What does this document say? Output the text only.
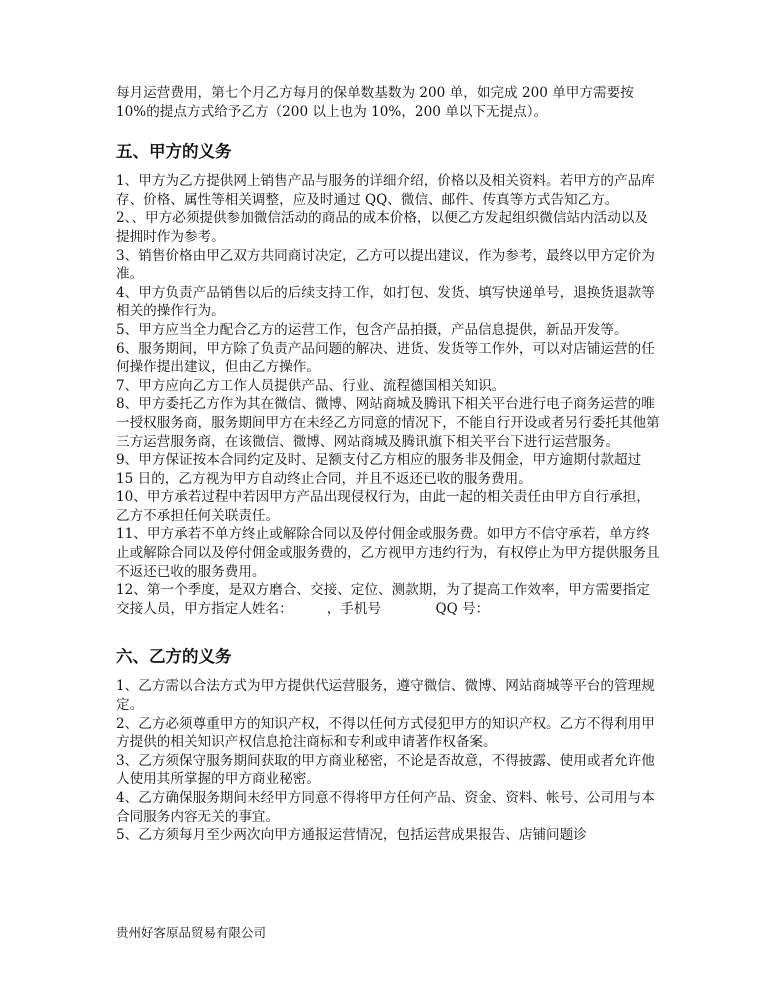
每月运营费用，第七个月乙方每月的保单数基数为 200 单，如完成 200 单甲方需要按 10%的提点方式给予乙方（200 以上也为 10%，200 单以下无提点）。

五、甲方的义务

1、甲方为乙方提供网上销售产品与服务的详细介绍，价格以及相关资料。若甲方的产品库存、价格、属性等相关调整，应及时通过 QQ、微信、邮件、传真等方式告知乙方。

2、、甲方必须提供参加微信活动的商品的成本价格，以便乙方发起组织微信站内活动以及提拥时作为参考。

3、销售价格由甲乙双方共同商讨决定，乙方可以提出建议，作为参考，最终以甲方定价为准。

4、甲方负责产品销售以后的后续支持工作，如打包、发货、填写快递单号，退换货退款等相关的操作行为。

5、甲方应当全力配合乙方的运营工作，包含产品拍摄，产品信息提供，新品开发等。

6、服务期间，甲方除了负责产品问题的解决、进货、发货等工作外，可以对店铺运营的任何操作提出建议，但由乙方操作。

7、甲方应向乙方工作人员提供产品、行业、流程德国相关知识。

8、甲方委托乙方作为其在微信、微博、网站商城及腾讯下相关平台进行电子商务运营的唯一授权服务商，服务期间甲方在未经乙方同意的情况下，不能自行开设或者另行委托其他第三方运营服务商，在该微信、微博、网站商城及腾讯旗下相关平台下进行运营服务。

9、甲方保证按本合同约定及时、足额支付乙方相应的服务非及佣金，甲方逾期付款超过 15 日的，乙方视为甲方自动终止合同，并且不返还已收的服务费用。

10、甲方承若过程中若因甲方产品出现侵权行为，由此一起的相关责任由甲方自行承担，乙方不承担任何关联责任。

11、甲方承若不单方终止或解除合同以及停付佣金或服务费。如甲方不信守承若，单方终止或解除合同以及停付佣金或服务费的，乙方视甲方违约行为，有权停止为甲方提供服务且不返还已收的服务费用。

12、第一个季度，是双方磨合、交接、定位、测款期，为了提高工作效率，甲方需要指定交接人员，甲方指定人姓名：　　　，手机号　　　　QQ 号：

六、乙方的义务

1、乙方需以合法方式为甲方提供代运营服务，遵守微信、微博、网站商城等平台的管理规定。

2、乙方必须尊重甲方的知识产权，不得以任何方式侵犯甲方的知识产权。乙方不得利用甲方提供的相关知识产权信息抢注商标和专利或申请著作权备案。

3、乙方须保守服务期间获取的甲方商业秘密，不论是否故意，不得披露、使用或者允许他人使用其所掌握的甲方商业秘密。

4、乙方确保服务期间未经甲方同意不得将甲方任何产品、资金、资料、帐号、公司用与本合同服务内容无关的事宜。

5、乙方须每月至少两次向甲方通报运营情况，包括运营成果报告、店铺问题诊

贵州好客原品贸易有限公司
